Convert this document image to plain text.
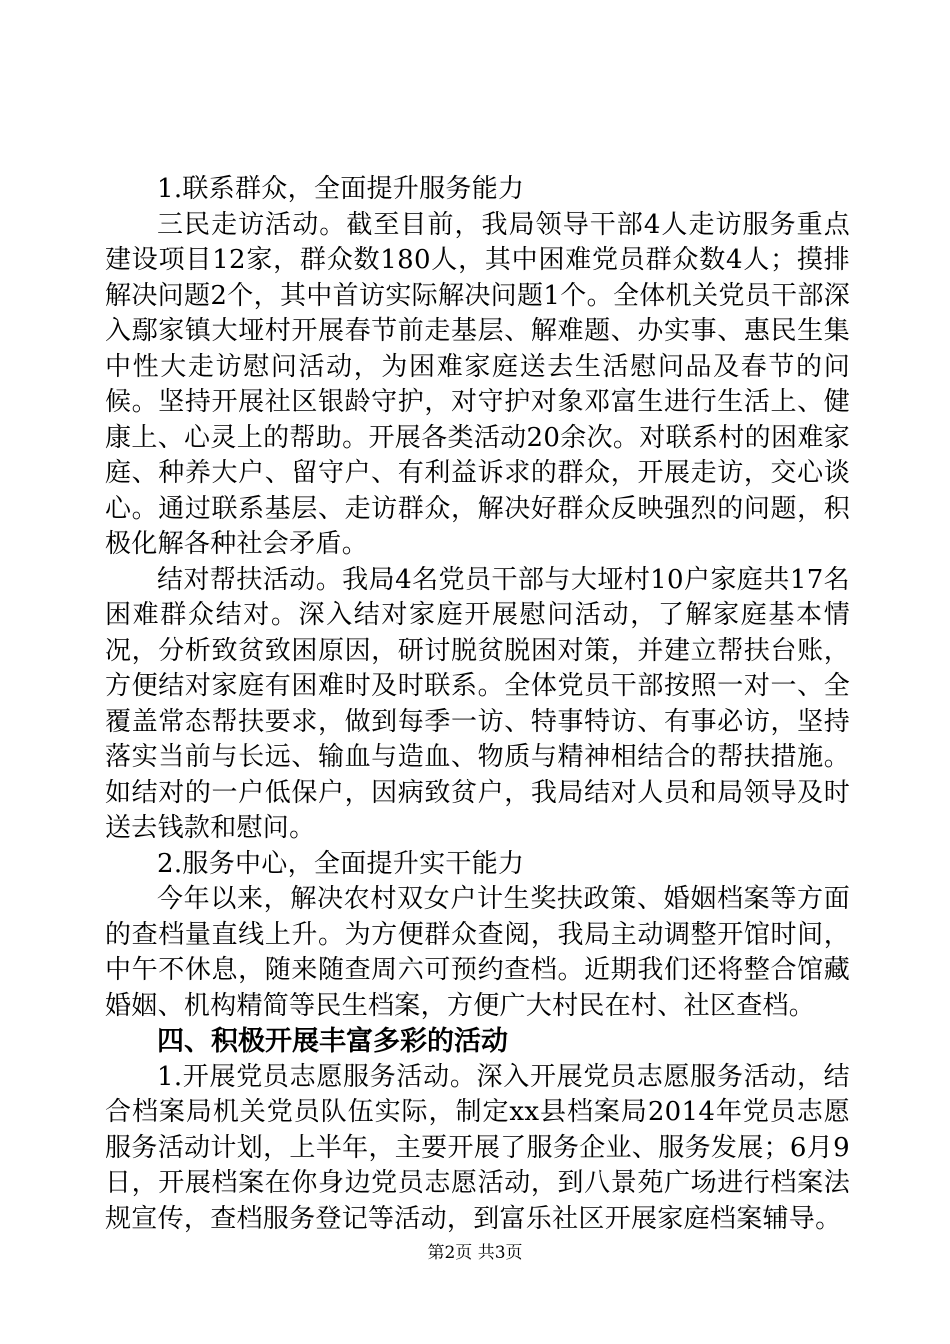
1.联系群众，全面提升服务能力

三民走访活动。截至目前，我局领导干部4人走访服务重点建设项目12家，群众数180人，其中困难党员群众数4人；摸排解决问题2个，其中首访实际解决问题1个。全体机关党员干部深入鄢家镇大垭村开展春节前走基层、解难题、办实事、惠民生集中性大走访慰问活动，为困难家庭送去生活慰问品及春节的问候。坚持开展社区银龄守护，对守护对象邓富生进行生活上、健康上、心灵上的帮助。开展各类活动20余次。对联系村的困难家庭、种养大户、留守户、有利益诉求的群众，开展走访，交心谈心。通过联系基层、走访群众，解决好群众反映强烈的问题，积极化解各种社会矛盾。

结对帮扶活动。我局4名党员干部与大垭村10户家庭共17名困难群众结对。深入结对家庭开展慰问活动，了解家庭基本情况，分析致贫致困原因，研讨脱贫脱困对策，并建立帮扶台账，方便结对家庭有困难时及时联系。全体党员干部按照一对一、全覆盖常态帮扶要求，做到每季一访、特事特访、有事必访，坚持落实当前与长远、输血与造血、物质与精神相结合的帮扶措施。如结对的一户低保户，因病致贫户，我局结对人员和局领导及时送去钱款和慰问。

2.服务中心，全面提升实干能力

今年以来，解决农村双女户计生奖扶政策、婚姻档案等方面的查档量直线上升。为方便群众查阅，我局主动调整开馆时间，中午不休息，随来随查周六可预约查档。近期我们还将整合馆藏婚姻、机构精简等民生档案，方便广大村民在村、社区查档。

四、积极开展丰富多彩的活动

1.开展党员志愿服务活动。深入开展党员志愿服务活动，结合档案局机关党员队伍实际，制定xx县档案局2014年党员志愿服务活动计划，上半年，主要开展了服务企业、服务发展；6月9日，开展档案在你身边党员志愿活动，到八景苑广场进行档案法规宣传，查档服务登记等活动，到富乐社区开展家庭档案辅导。

第2页 共3页
